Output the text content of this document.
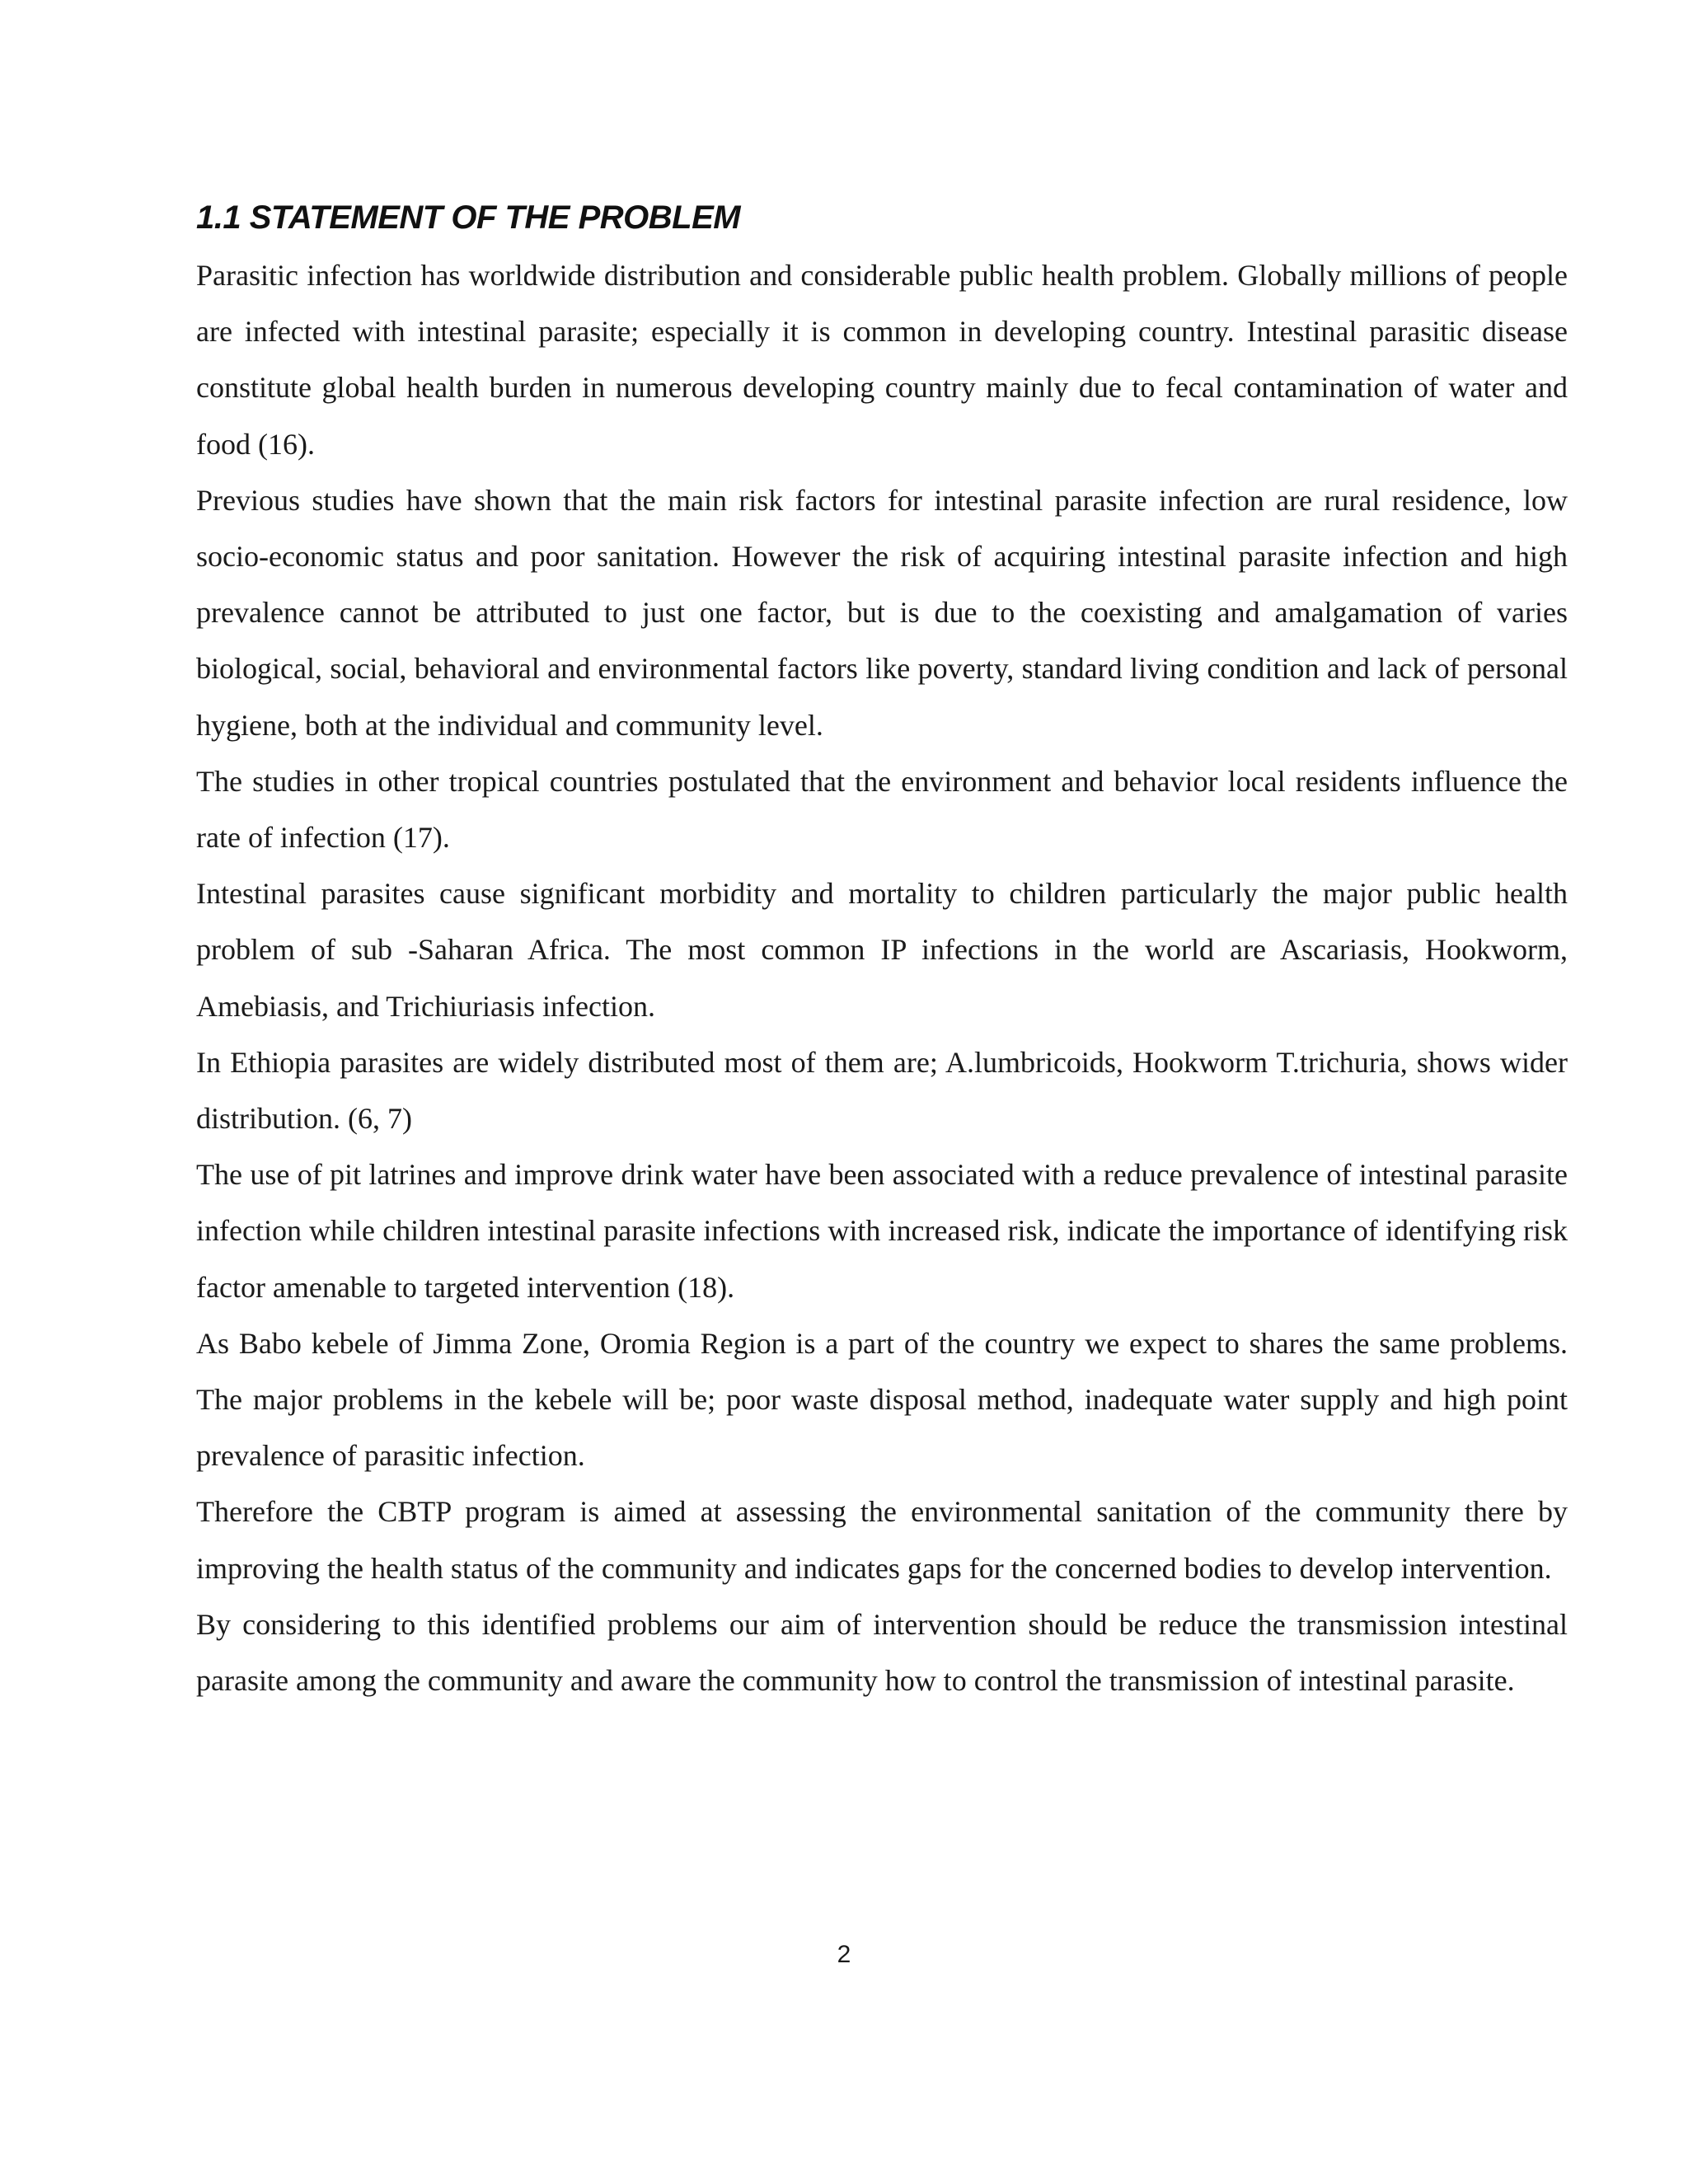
1.1 STATEMENT OF THE PROBLEM

Parasitic infection has worldwide distribution and considerable public health problem. Globally millions of people are infected with intestinal parasite; especially it is common in developing country. Intestinal parasitic disease constitute global health burden in numerous developing country mainly due to fecal contamination of water and food (16).

Previous studies have shown that the main risk factors for intestinal parasite infection are rural residence, low socio-economic status and poor sanitation. However the risk of acquiring intestinal parasite infection and high prevalence cannot be attributed to just one factor, but is due to the coexisting and amalgamation of varies biological, social, behavioral and environmental factors like poverty, standard living condition and lack of personal hygiene, both at the individual and community level.

The studies in other tropical countries postulated that the environment and behavior local residents influence the rate of infection (17).

Intestinal parasites cause significant morbidity and mortality to children particularly the major public health problem of sub -Saharan Africa. The most common IP infections in the world are Ascariasis, Hookworm, Amebiasis, and Trichiuriasis infection.

In Ethiopia parasites are widely distributed most of them are; A.lumbricoids, Hookworm T.trichuria, shows wider distribution. (6, 7)

The use of pit latrines and improve drink water have been associated with a reduce prevalence of intestinal parasite infection while children intestinal parasite infections with increased risk, indicate the importance of identifying risk factor amenable to targeted intervention (18).

As Babo kebele of Jimma Zone, Oromia Region is a part of the country we expect to shares the same problems. The major problems in the kebele will be; poor waste disposal method, inadequate water supply and high point prevalence of parasitic infection.

Therefore the CBTP program is aimed at assessing the environmental sanitation of the community there by improving the health status of the community and indicates gaps for the concerned bodies to develop intervention.

By considering to this identified problems our aim of intervention should be reduce the transmission intestinal parasite among the community and aware the community how to control the transmission of intestinal parasite.

2
